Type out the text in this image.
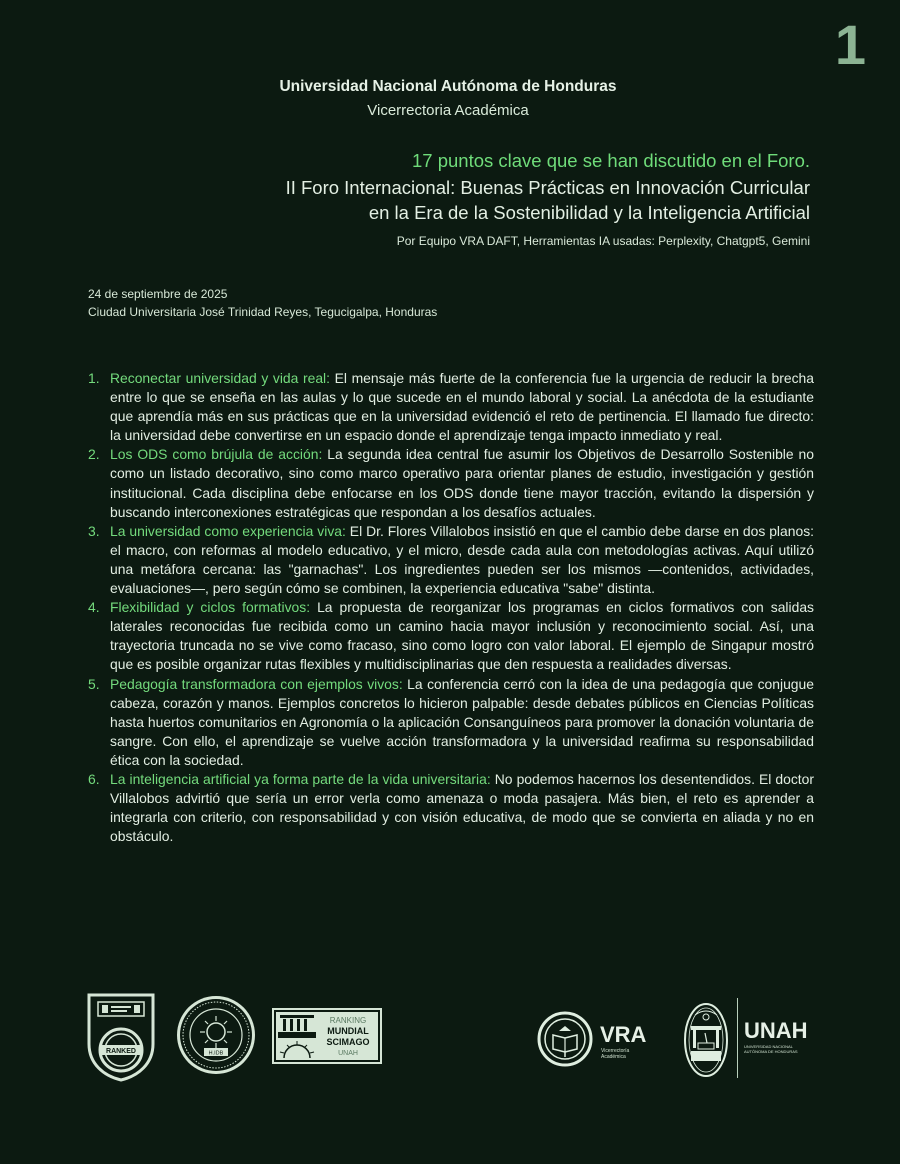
1
Universidad Nacional Autónoma de Honduras
Vicerrectoria Académica
17 puntos clave que se han discutido en el Foro.
II Foro Internacional: Buenas Prácticas en Innovación Curricular
en la Era de la Sostenibilidad y la Inteligencia Artificial
Por Equipo VRA DAFT, Herramientas IA usadas: Perplexity, Chatgpt5, Gemini
24 de septiembre de 2025
Ciudad Universitaria José Trinidad Reyes, Tegucigalpa, Honduras
1. Reconectar universidad y vida real: El mensaje más fuerte de la conferencia fue la urgencia de reducir la brecha entre lo que se enseña en las aulas y lo que sucede en el mundo laboral y social. La anécdota de la estudiante que aprendía más en sus prácticas que en la universidad evidenció el reto de pertinencia. El llamado fue directo: la universidad debe convertirse en un espacio donde el aprendizaje tenga impacto inmediato y real.
2. Los ODS como brújula de acción: La segunda idea central fue asumir los Objetivos de Desarrollo Sostenible no como un listado decorativo, sino como marco operativo para orientar planes de estudio, investigación y gestión institucional. Cada disciplina debe enfocarse en los ODS donde tiene mayor tracción, evitando la dispersión y buscando interconexiones estratégicas que respondan a los desafíos actuales.
3. La universidad como experiencia viva: El Dr. Flores Villalobos insistió en que el cambio debe darse en dos planos: el macro, con reformas al modelo educativo, y el micro, desde cada aula con metodologías activas. Aquí utilizó una metáfora cercana: las "garnachas". Los ingredientes pueden ser los mismos —contenidos, actividades, evaluaciones—, pero según cómo se combinen, la experiencia educativa "sabe" distinta.
4. Flexibilidad y ciclos formativos: La propuesta de reorganizar los programas en ciclos formativos con salidas laterales reconocidas fue recibida como un camino hacia mayor inclusión y reconocimiento social. Así, una trayectoria truncada no se vive como fracaso, sino como logro con valor laboral. El ejemplo de Singapur mostró que es posible organizar rutas flexibles y multidisciplinarias que den respuesta a realidades diversas.
5. Pedagogía transformadora con ejemplos vivos: La conferencia cerró con la idea de una pedagogía que conjugue cabeza, corazón y manos. Ejemplos concretos lo hicieron palpable: desde debates públicos en Ciencias Políticas hasta huertos comunitarios en Agronomía o la aplicación Consanguíneos para promover la donación voluntaria de sangre. Con ello, el aprendizaje se vuelve acción transformadora y la universidad reafirma su responsabilidad ética con la sociedad.
6. La inteligencia artificial ya forma parte de la vida universitaria: No podemos hacernos los desentendidos. El doctor Villalobos advirtió que sería un error verla como amenaza o moda pasajera. Más bien, el reto es aprender a integrarla con criterio, con responsabilidad y con visión educativa, de modo que se convierta en aliada y no en obstáculo.
RANKED	H.IDB
RANKING
MUNDIAL
SCIMAGO
UNAH
VRA
Vicerrectoría
Académica
UNAH
UNIVERSIDAD NACIONAL
AUTÓNOMA DE HONDURAS
